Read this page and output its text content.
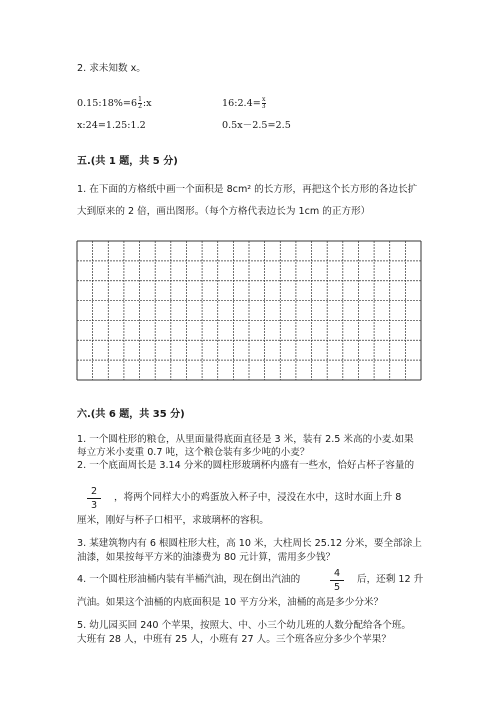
2. 求未知数 x。
$0.15:18\%=6\frac{1}{2}:x$	$16:2.4=\frac{x}{3}$
x:24=1.25:1.2	0.5x－2.5=2.5
五.(共 1 题，共 5 分)
1. 在下面的方格纸中画一个面积是 8cm² 的长方形，再把这个长方形的各边长扩
大到原来的 2 倍，画出图形。（每个方格代表边长为 1cm 的正方形）
六.(共 6 题，共 35 分)
1. 一个圆柱形的粮仓，从里面量得底面直径是 3 米，装有 2.5 米高的小麦.如果
每立方米小麦重 0.7 吨，这个粮仓装有多少吨的小麦？
2. 一个底面周长是 3.14 分米的圆柱形玻璃杯内盛有一些水，恰好占杯子容量的
2
3
，将两个同样大小的鸡蛋放入杯子中，浸没在水中，这时水面上升 8
厘米，刚好与杯子口相平，求玻璃杯的容积。
3. 某建筑物内有 6 根圆柱形大柱，高 10 米，大柱周长 25.12 分米，要全部涂上
油漆，如果按每平方米的油漆费为 80 元计算，需用多少钱？
4. 一个圆柱形油桶内装有半桶汽油，现在倒出汽油的
4
5
后，还剩 12 升
汽油。如果这个油桶的内底面积是 10 平方分米，油桶的高是多少分米？
5. 幼儿园买回 240 个苹果，按照大、中、小三个幼儿班的人数分配给各个班。
大班有 28 人，中班有 25 人，小班有 27 人。三个班各应分多少个苹果？
